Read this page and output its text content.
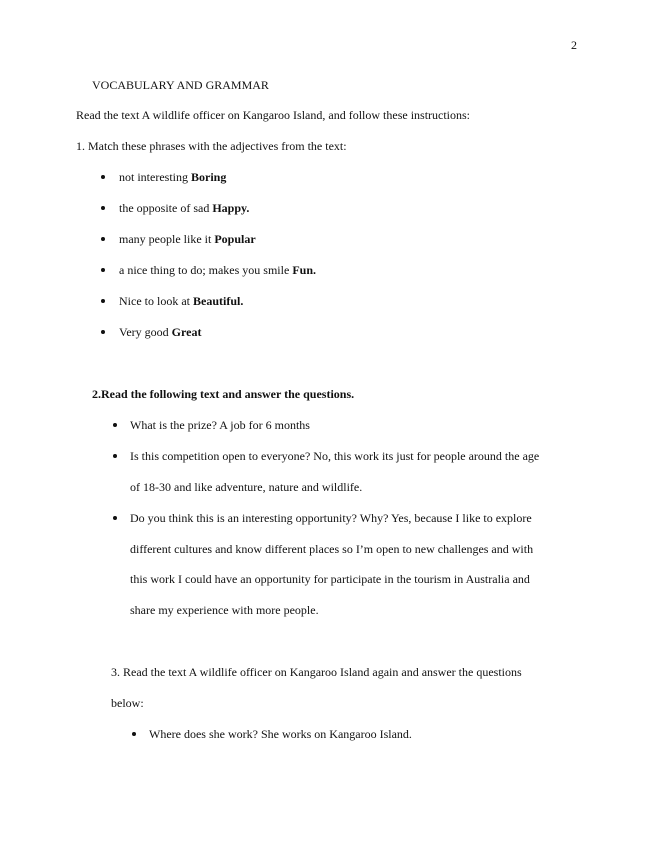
2
VOCABULARY AND GRAMMAR
Read the text A wildlife officer on Kangaroo Island, and follow these instructions:
1. Match these phrases with the adjectives from the text:
not interesting Boring
the opposite of sad Happy.
many people like it Popular
a nice thing to do; makes you smile Fun.
Nice to look at Beautiful.
Very good Great
2.Read the following text and answer the questions.
What is the prize? A job for 6 months
Is this competition open to everyone? No, this work its just for people around the age
of 18-30 and like adventure, nature and wildlife.
Do you think this is an interesting opportunity? Why? Yes, because I like to explore
different cultures and know different places so I’m open to new challenges and with
this work I could have an opportunity for participate in the tourism in Australia and
share my experience with more people.
3. Read the text A wildlife officer on Kangaroo Island again and answer the questions
below:
Where does she work? She works on Kangaroo Island.
